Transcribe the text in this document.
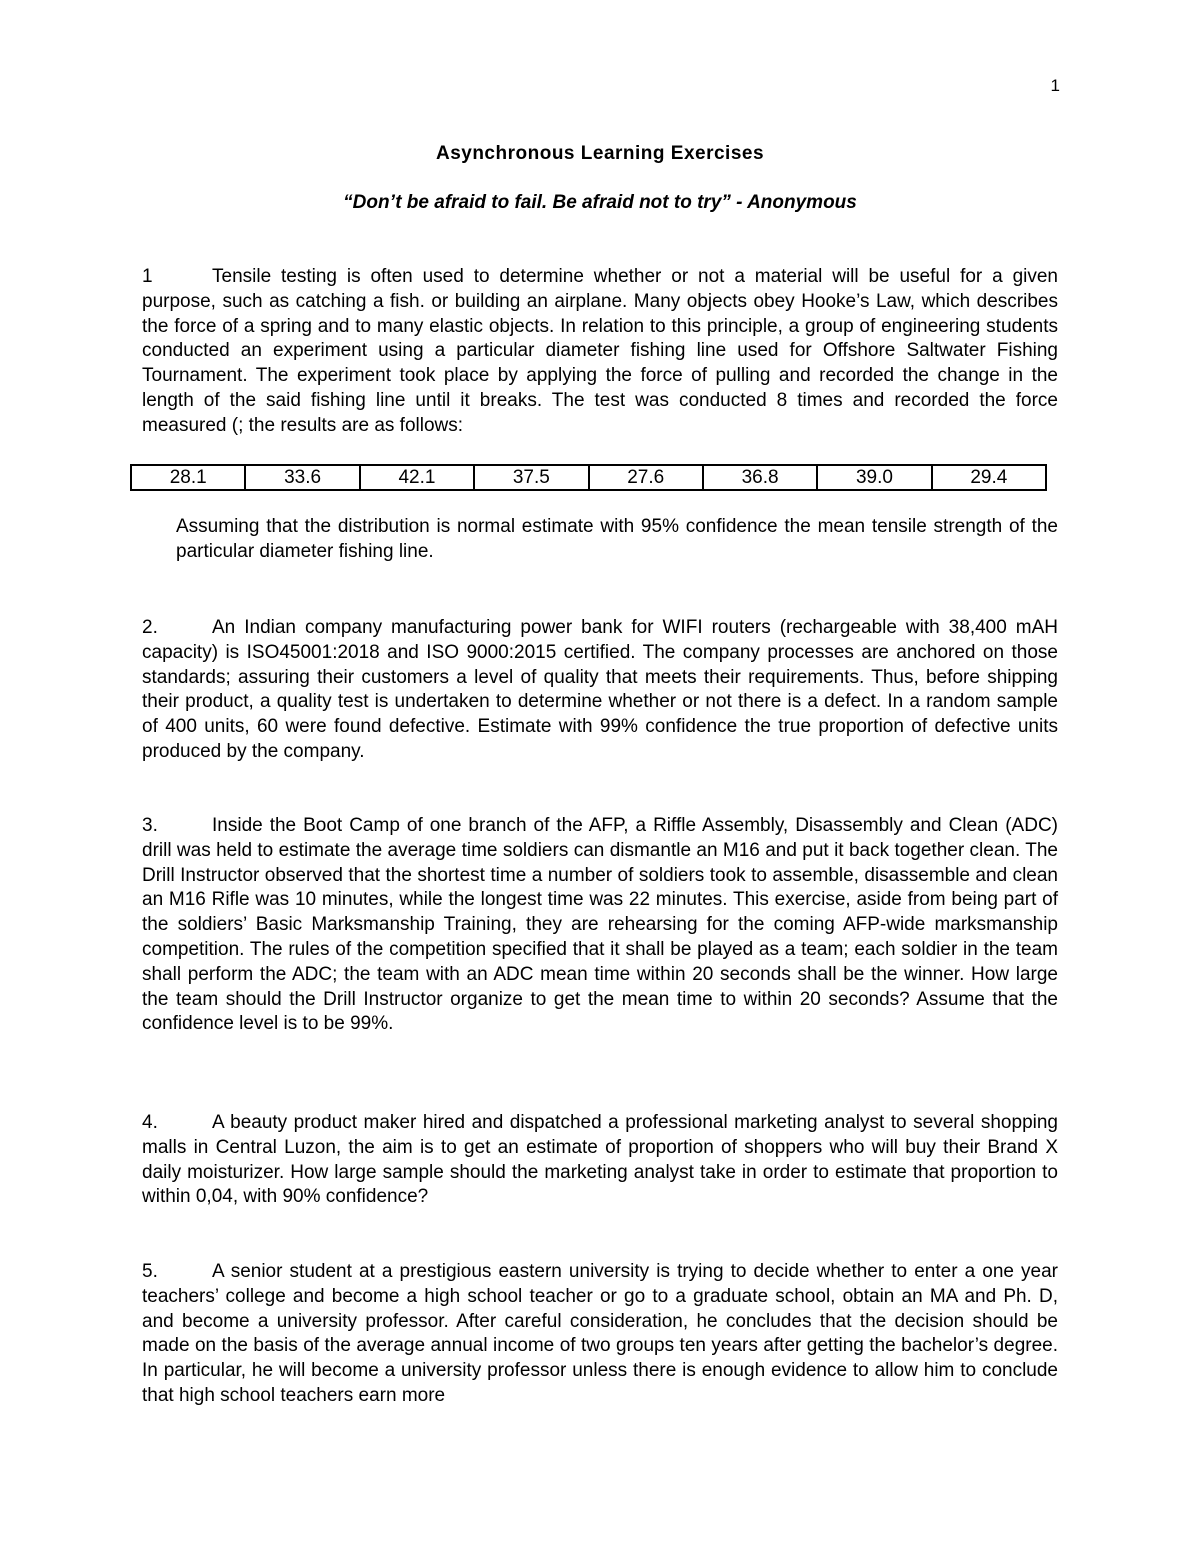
1
Asynchronous Learning Exercises
“Don’t be afraid to fail. Be afraid not to try” - Anonymous

1	Tensile testing is often used to determine whether or not a material will be useful for a given purpose, such as catching a fish. or building an airplane. Many objects obey Hooke’s Law, which describes the force of a spring and to many elastic objects. In relation to this principle, a group of engineering students conducted an experiment using a particular diameter fishing line used for Offshore Saltwater Fishing Tournament. The experiment took place by applying the force of pulling and recorded the change in the length of the said fishing line until it breaks. The test was conducted 8 times and recorded the force measured (; the results are as follows:

28.1	33.6	42.1	37.5	27.6	36.8	39.0	29.4

Assuming that the distribution is normal estimate with 95% confidence the mean tensile strength of the particular diameter fishing line.

2.	An Indian company manufacturing power bank for WIFI routers (rechargeable with 38,400 mAH capacity) is ISO45001:2018 and ISO 9000:2015 certified. The company processes are anchored on those standards; assuring their customers a level of quality that meets their requirements. Thus, before shipping their product, a quality test is undertaken to determine whether or not there is a defect. In a random sample of 400 units, 60 were found defective. Estimate with 99% confidence the true proportion of defective units produced by the company.

3.	Inside the Boot Camp of one branch of the AFP, a Riffle Assembly, Disassembly and Clean (ADC) drill was held to estimate the average time soldiers can dismantle an M16 and put it back together clean. The Drill Instructor observed that the shortest time a number of soldiers took to assemble, disassemble and clean an M16 Rifle was 10 minutes, while the longest time was 22 minutes. This exercise, aside from being part of the soldiers’ Basic Marksmanship Training, they are rehearsing for the coming AFP-wide marksmanship competition. The rules of the competition specified that it shall be played as a team; each soldier in the team shall perform the ADC; the team with an ADC mean time within 20 seconds shall be the winner. How large the team should the Drill Instructor organize to get the mean time to within 20 seconds? Assume that the confidence level is to be 99%.

4.	A beauty product maker hired and dispatched a professional marketing analyst to several shopping malls in Central Luzon, the aim is to get an estimate of proportion of shoppers who will buy their Brand X daily moisturizer. How large sample should the marketing analyst take in order to estimate that proportion to within 0,04, with 90% confidence?

5.	A senior student at a prestigious eastern university is trying to decide whether to enter a one year teachers’ college and become a high school teacher or go to a graduate school, obtain an MA and Ph. D, and become a university professor. After careful consideration, he concludes that the decision should be made on the basis of the average annual income of two groups ten years after getting the bachelor’s degree. In particular, he will become a university professor unless there is enough evidence to allow him to conclude that high school teachers earn more
